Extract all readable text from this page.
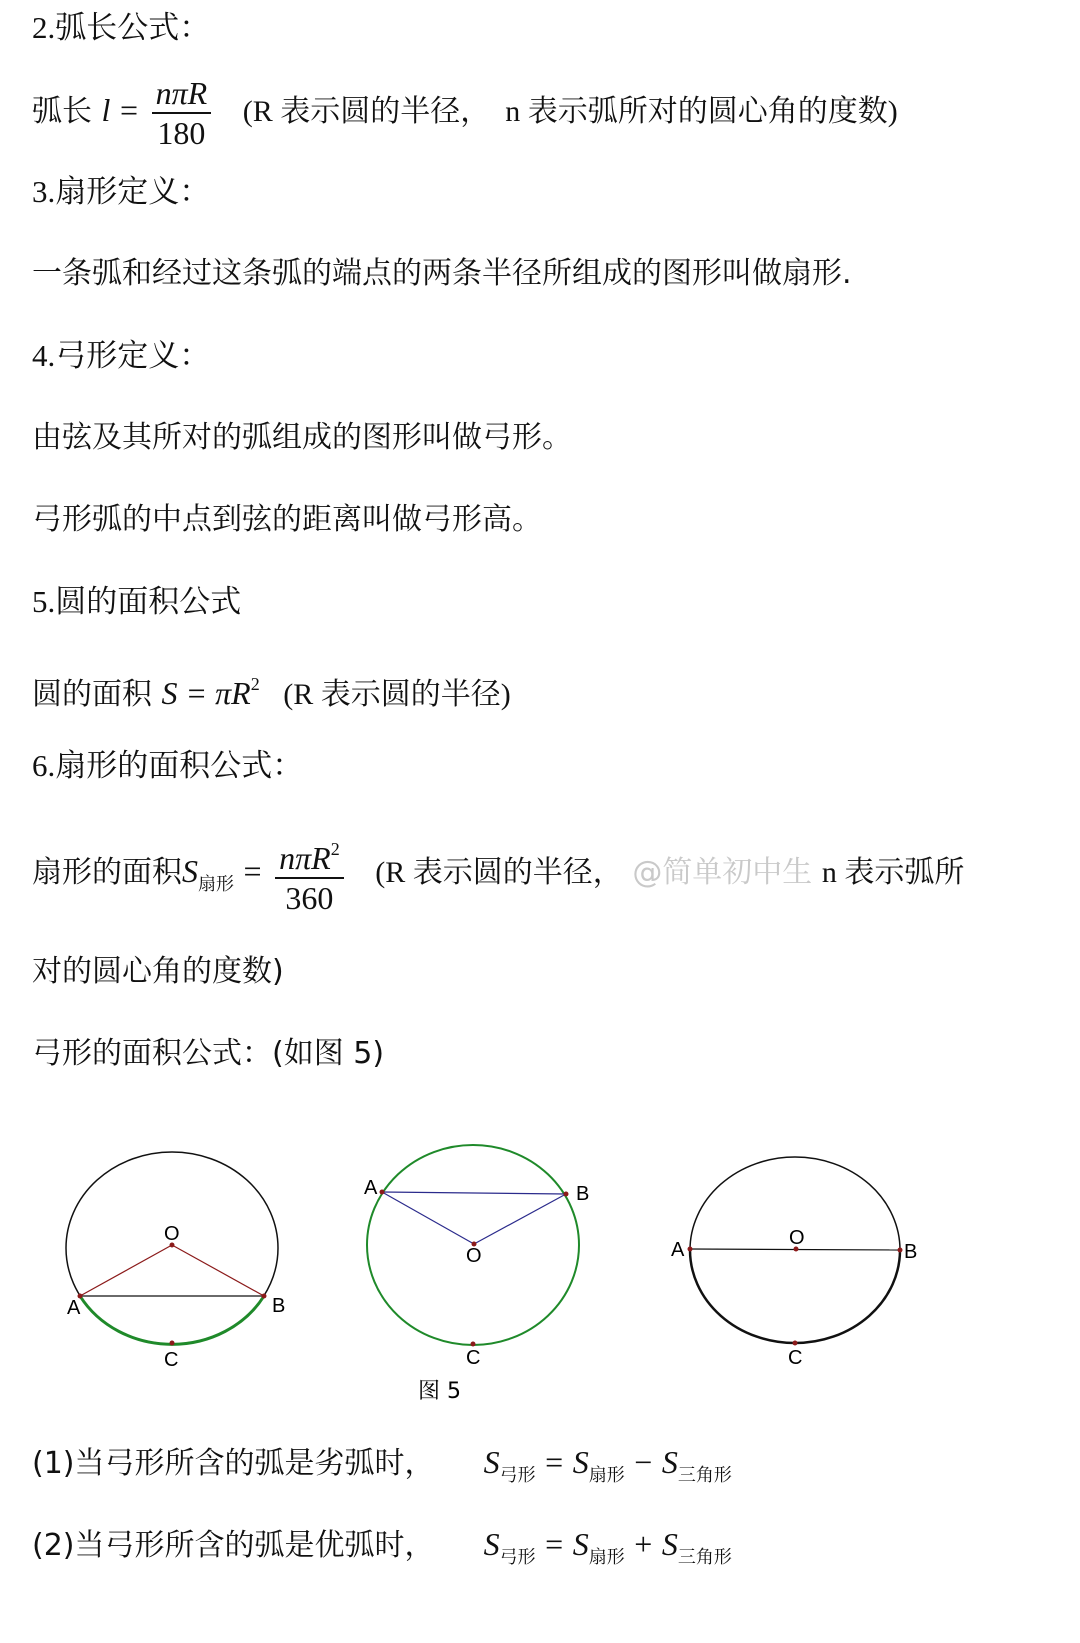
2.弧长公式：
弧长 $l = \frac{\text{nπR}}{180} (R$ 表示圆的半径，　n 表示弧所对的圆心角的度数)
3.扇形定义：
一条弧和经过这条弧的端点的两条半径所组成的图形叫做扇形.
4.弓形定义：
由弦及其所对的弧组成的图形叫做弓形。
弓形弧的中点到弦的距离叫做弓形高。
5.圆的面积公式
圆的面积 $S = \pi R^2$ (R 表示圆的半径)
6.扇形的面积公式：
扇形的面积$S_{扇形} = \frac{n\pi R^2}{360} (R$ 表示圆的半径， @简单初中生 n 表示弧所
对的圆心角的度数)
弓形的面积公式：(如图 5)
O
A	B
C
O
A	B
C
O
A	B
C
图 5
(1)当弓形所含的弧是劣弧时， $S_{弓形} = S_{扇形} - S_{三角形}$
(2)当弓形所含的弧是优弧时， $S_{弓形} = S_{扇形} + S_{三角形}$
